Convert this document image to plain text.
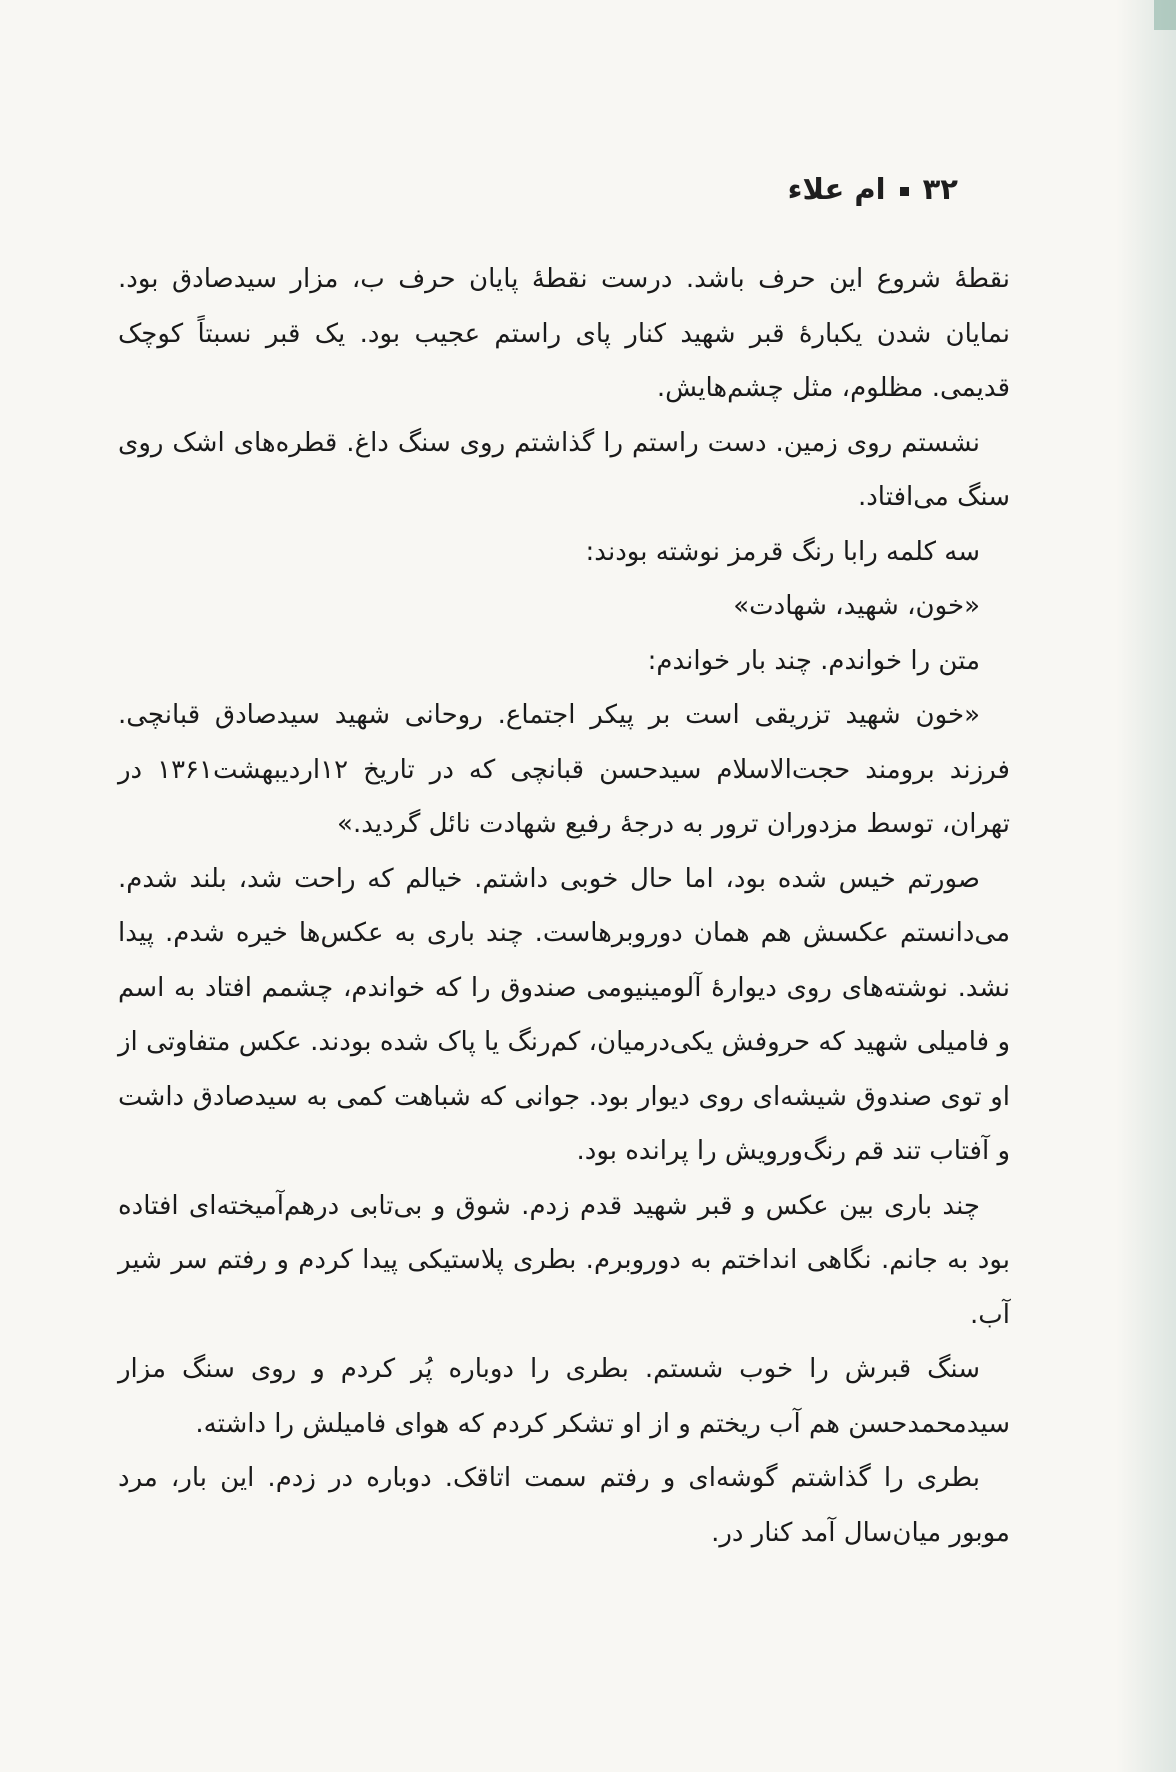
۳۲ام علاء

نقطهٔ شروع این حرف باشد. درست نقطهٔ پایان حرف ب، مزار سیدصادق بود. نمایان شدن یکبارهٔ قبر شهید کنار پای راستم عجیب بود. یک قبر نسبتاً کوچک قدیمی. مظلوم، مثل چشم‌هایش.

نشستم روی زمین. دست راستم را گذاشتم روی سنگ داغ. قطره‌های اشک روی سنگ می‌افتاد.

سه کلمه رابا رنگ قرمز نوشته بودند:

«خون، شهید، شهادت»

متن را خواندم. چند بار خواندم:

«خون شهید تزریقی است بر پیکر اجتماع. روحانی شهید سیدصادق قبانچی. فرزند برومند حجت‌الاسلام سیدحسن قبانچی که در تاریخ ۱۲اردیبهشت۱۳۶۱ در تهران، توسط مزدوران ترور به درجهٔ رفیع شهادت نائل گردید.»

صورتم خیس شده بود، اما حال خوبی داشتم. خیالم که راحت شد، بلند شدم. می‌دانستم عکسش هم همان دوروبرهاست. چند باری به عکس‌ها خیره شدم. پیدا نشد. نوشته‌های روی دیوارهٔ آلومینیومی صندوق را که خواندم، چشمم افتاد به اسم و فامیلی شهید که حروفش یکی‌درمیان، کم‌رنگ یا پاک شده بودند. عکس متفاوتی از او توی صندوق شیشه‌ای روی دیوار بود. جوانی که شباهت کمی به سیدصادق داشت و آفتاب تند قم رنگ‌ورویش را پرانده بود.

چند باری بین عکس و قبر شهید قدم زدم. شوق و بی‌تابی درهم‌آمیخته‌ای افتاده بود به جانم. نگاهی انداختم به دوروبرم. بطری پلاستیکی پیدا کردم و رفتم سر شیر آب.

سنگ قبرش را خوب شستم. بطری را دوباره پُر کردم و روی سنگ مزار سیدمحمدحسن هم آب ریختم و از او تشکر کردم که هوای فامیلش را داشته.

بطری را گذاشتم گوشه‌ای و رفتم سمت اتاقک. دوباره در زدم. این بار، مرد موبور میان‌سال آمد کنار در.
